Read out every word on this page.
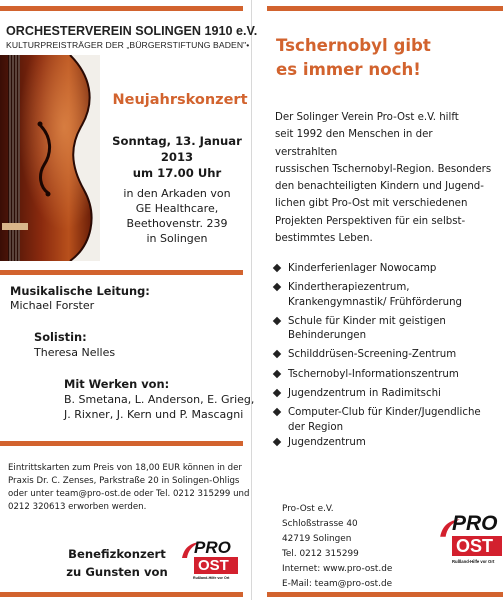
ORCHESTERVEREIN SOLINGEN 1910 e.V.
KULTURPREISTRÄGER DER „BÜRGERSTIFTUNG BADEN"•
Neujahrskonzert
Sonntag, 13. Januar 2013
um 17.00 Uhr
in den Arkaden von
GE Healthcare,
Beethovenstr. 239
in Solingen
Musikalische Leitung:
Michael Forster
Solistin:
Theresa Nelles
Mit Werken von:
B. Smetana, L. Anderson, E. Grieg,
J. Rixner, J. Kern und P. Mascagni
Eintrittskarten zum Preis von 18,00 EUR können in der
Praxis Dr. C. Zenses, Parkstraße 20 in Solingen-Ohligs
oder unter team@pro-ost.de oder Tel. 0212 315299 und
0212 320613 erworben werden.
Benefizkonzert
zu Gunsten von
PRO
OST
Rußland-Hilfe vor Ort
Tschernobyl gibt
es immer noch!
Der Solinger Verein Pro-Ost e.V. hilft
seit 1992 den Menschen in der verstrahlten
russischen Tschernobyl-Region. Besonders
den benachteiligten Kindern und Jugend-
lichen gibt Pro-Ost mit verschiedenen
Projekten Perspektiven für ein selbst-
bestimmtes Leben.
Kinderferienlager Nowocamp
Kindertherapiezentrum,
Krankengymnastik/ Frühförderung
Schule für Kinder mit geistigen
Behinderungen
Schilddrüsen-Screening-Zentrum
Tschernobyl-Informationszentrum
Jugendzentrum in Radimitschi
Computer-Club für Kinder/Jugendliche
der Region
Jugendzentrum
Pro-Ost e.V.
Schloßstrasse 40
42719 Solingen
Tel. 0212 315299
Internet: www.pro-ost.de
E-Mail: team@pro-ost.de
PRO
OST
Rußland-Hilfe vor Ort
